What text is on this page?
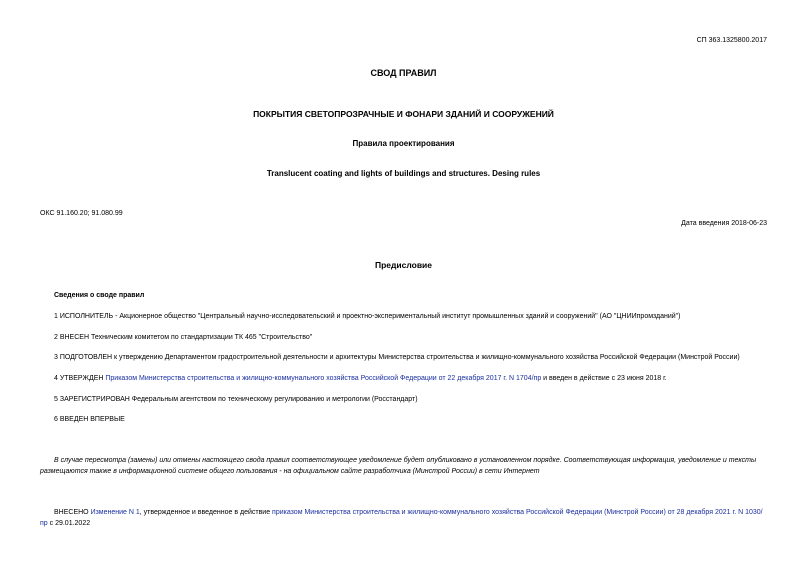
СП 363.1325800.2017
СВОД ПРАВИЛ
ПОКРЫТИЯ СВЕТОПРОЗРАЧНЫЕ И ФОНАРИ ЗДАНИЙ И СООРУЖЕНИЙ
Правила проектирования
Translucent coating and lights of buildings and structures. Desing rules
ОКС 91.160.20; 91.080.99
Дата введения 2018-06-23
Предисловие
Сведения о своде правил
1 ИСПОЛНИТЕЛЬ - Акционерное общество "Центральный научно-исследовательский и проектно-экспериментальный институт промышленных зданий и сооружений" (АО "ЦНИИпромзданий")
2 ВНЕСЕН Техническим комитетом по стандартизации ТК 465 "Строительство"
3 ПОДГОТОВЛЕН к утверждению Департаментом градостроительной деятельности и архитектуры Министерства строительства и жилищно-коммунального хозяйства Российской Федерации (Минстрой России)
4 УТВЕРЖДЕН Приказом Министерства строительства и жилищно-коммунального хозяйства Российской Федерации от 22 декабря 2017 г. N 1704/пр и введен в действие с 23 июня 2018 г.
5 ЗАРЕГИСТРИРОВАН Федеральным агентством по техническому регулированию и метрологии (Росстандарт)
6 ВВЕДЕН ВПЕРВЫЕ
В случае пересмотра (замены) или отмены настоящего свода правил соответствующее уведомление будет опубликовано в установленном порядке. Соответствующая информация, уведомление и тексты размещаются также в информационной системе общего пользования - на официальном сайте разработчика (Минстрой России) в сети Интернет
ВНЕСЕНО Изменение N 1, утвержденное и введенное в действие приказом Министерства строительства и жилищно-коммунального хозяйства Российской Федерации (Минстрой России) от 28 декабря 2021 г. N 1030/пр с 29.01.2022
